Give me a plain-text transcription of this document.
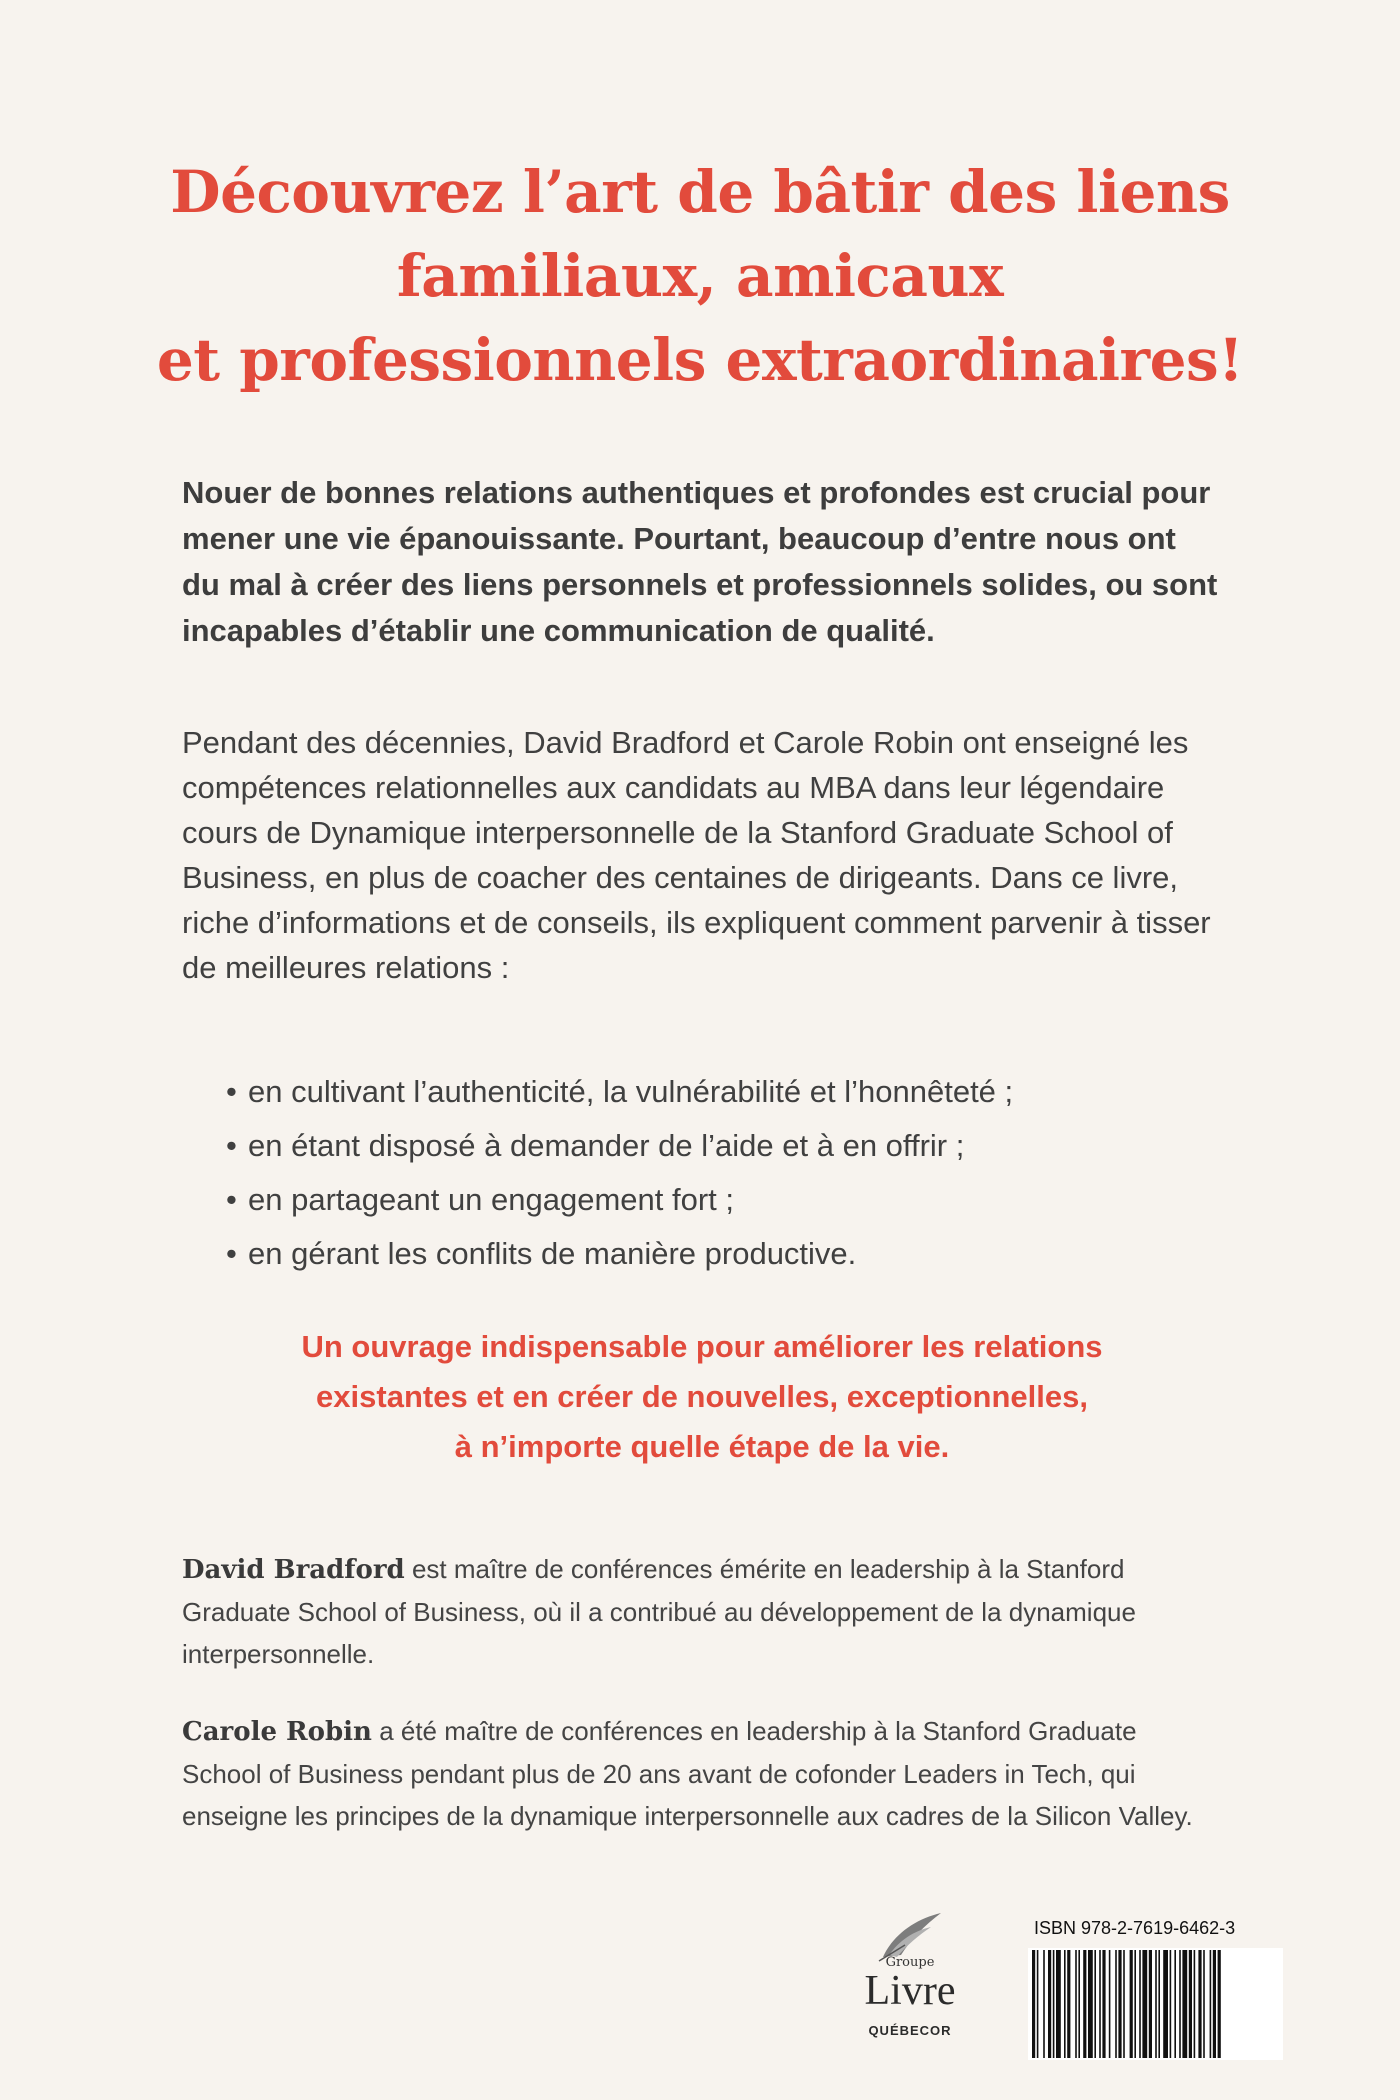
Découvrez l’art de bâtir des liens
familiaux, amicaux
et professionnels extraordinaires!

Nouer de bonnes relations authentiques et profondes est crucial pour mener une vie épanouissante. Pourtant, beaucoup d’entre nous ont du mal à créer des liens personnels et professionnels solides, ou sont incapables d’établir une communication de qualité.

Pendant des décennies, David Bradford et Carole Robin ont enseigné les compétences relationnelles aux candidats au MBA dans leur légendaire cours de Dynamique interpersonnelle de la Stanford Graduate School of Business, en plus de coacher des centaines de dirigeants. Dans ce livre, riche d’informations et de conseils, ils expliquent comment parvenir à tisser de meilleures relations :

• en cultivant l’authenticité, la vulnérabilité et l’honnêteté ;
• en étant disposé à demander de l’aide et à en offrir ;
• en partageant un engagement fort ;
• en gérant les conflits de manière productive.
Un ouvrage indispensable pour améliorer les relations
existantes et en créer de nouvelles, exceptionnelles,
à n’importe quelle étape de la vie.

David Bradford est maître de conférences émérite en leadership à la Stanford Graduate School of Business, où il a contribué au développement de la dynamique interpersonnelle.

Carole Robin a été maître de conférences en leadership à la Stanford Graduate School of Business pendant plus de 20 ans avant de cofonder Leaders in Tech, qui enseigne les principes de la dynamique interpersonnelle aux cadres de la Silicon Valley.

Groupe
Livre
QUÉBECOR
ISBN 978-2-7619-6462-3
